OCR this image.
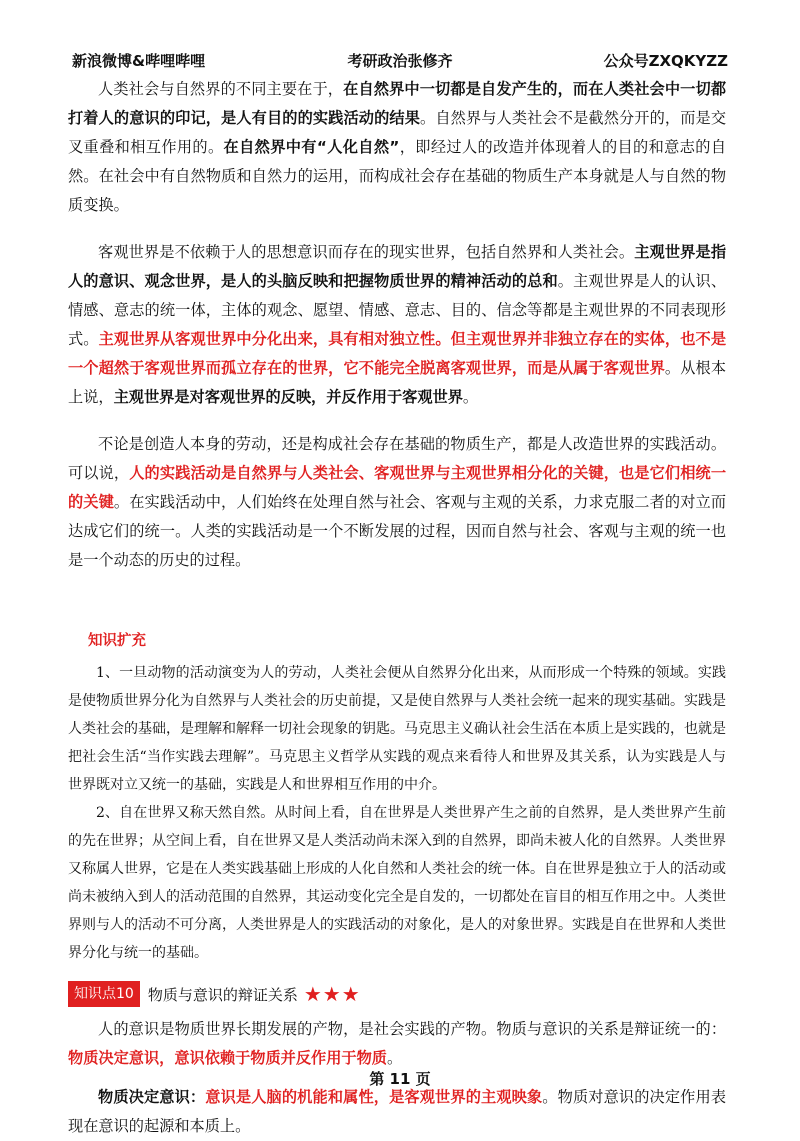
新浪微博&哔哩哔哩	考研政治张修齐	公众号ZXQKYZZ

人类社会与自然界的不同主要在于，在自然界中一切都是自发产生的，而在人类社会中一切都打着人的意识的印记，是人有目的的实践活动的结果。自然界与人类社会不是截然分开的，而是交叉重叠和相互作用的。在自然界中有“人化自然”，即经过人的改造并体现着人的目的和意志的自然。在社会中有自然物质和自然力的运用，而构成社会存在基础的物质生产本身就是人与自然的物质变换。

客观世界是不依赖于人的思想意识而存在的现实世界，包括自然界和人类社会。主观世界是指人的意识、观念世界，是人的头脑反映和把握物质世界的精神活动的总和。主观世界是人的认识、情感、意志的统一体，主体的观念、愿望、情感、意志、目的、信念等都是主观世界的不同表现形式。主观世界从客观世界中分化出来，具有相对独立性。但主观世界并非独立存在的实体，也不是一个超然于客观世界而孤立存在的世界，它不能完全脱离客观世界，而是从属于客观世界。从根本上说，主观世界是对客观世界的反映，并反作用于客观世界。

不论是创造人本身的劳动，还是构成社会存在基础的物质生产，都是人改造世界的实践活动。可以说，人的实践活动是自然界与人类社会、客观世界与主观世界相分化的关键，也是它们相统一的关键。在实践活动中，人们始终在处理自然与社会、客观与主观的关系，力求克服二者的对立而达成它们的统一。人类的实践活动是一个不断发展的过程，因而自然与社会、客观与主观的统一也是一个动态的历史的过程。

知识扩充

1、一旦动物的活动演变为人的劳动，人类社会便从自然界分化出来，从而形成一个特殊的领域。实践是使物质世界分化为自然界与人类社会的历史前提，又是使自然界与人类社会统一起来的现实基础。实践是人类社会的基础，是理解和解释一切社会现象的钥匙。马克思主义确认社会生活在本质上是实践的，也就是把社会生活“当作实践去理解”。马克思主义哲学从实践的观点来看待人和世界及其关系，认为实践是人与世界既对立又统一的基础，实践是人和世界相互作用的中介。

2、自在世界又称天然自然。从时间上看，自在世界是人类世界产生之前的自然界，是人类世界产生前的先在世界；从空间上看，自在世界又是人类活动尚未深入到的自然界，即尚未被人化的自然界。人类世界又称属人世界，它是在人类实践基础上形成的人化自然和人类社会的统一体。自在世界是独立于人的活动或尚未被纳入到人的活动范围的自然界，其运动变化完全是自发的，一切都处在盲目的相互作用之中。人类世界则与人的活动不可分离，人类世界是人的实践活动的对象化，是人的对象世界。实践是自在世界和人类世界分化与统一的基础。

知识点10 物质与意识的辩证关系 ★★★

人的意识是物质世界长期发展的产物，是社会实践的产物。物质与意识的关系是辩证统一的：物质决定意识，意识依赖于物质并反作用于物质。

物质决定意识：意识是人脑的机能和属性，是客观世界的主观映象。物质对意识的决定作用表现在意识的起源和本质上。

第 11 页
